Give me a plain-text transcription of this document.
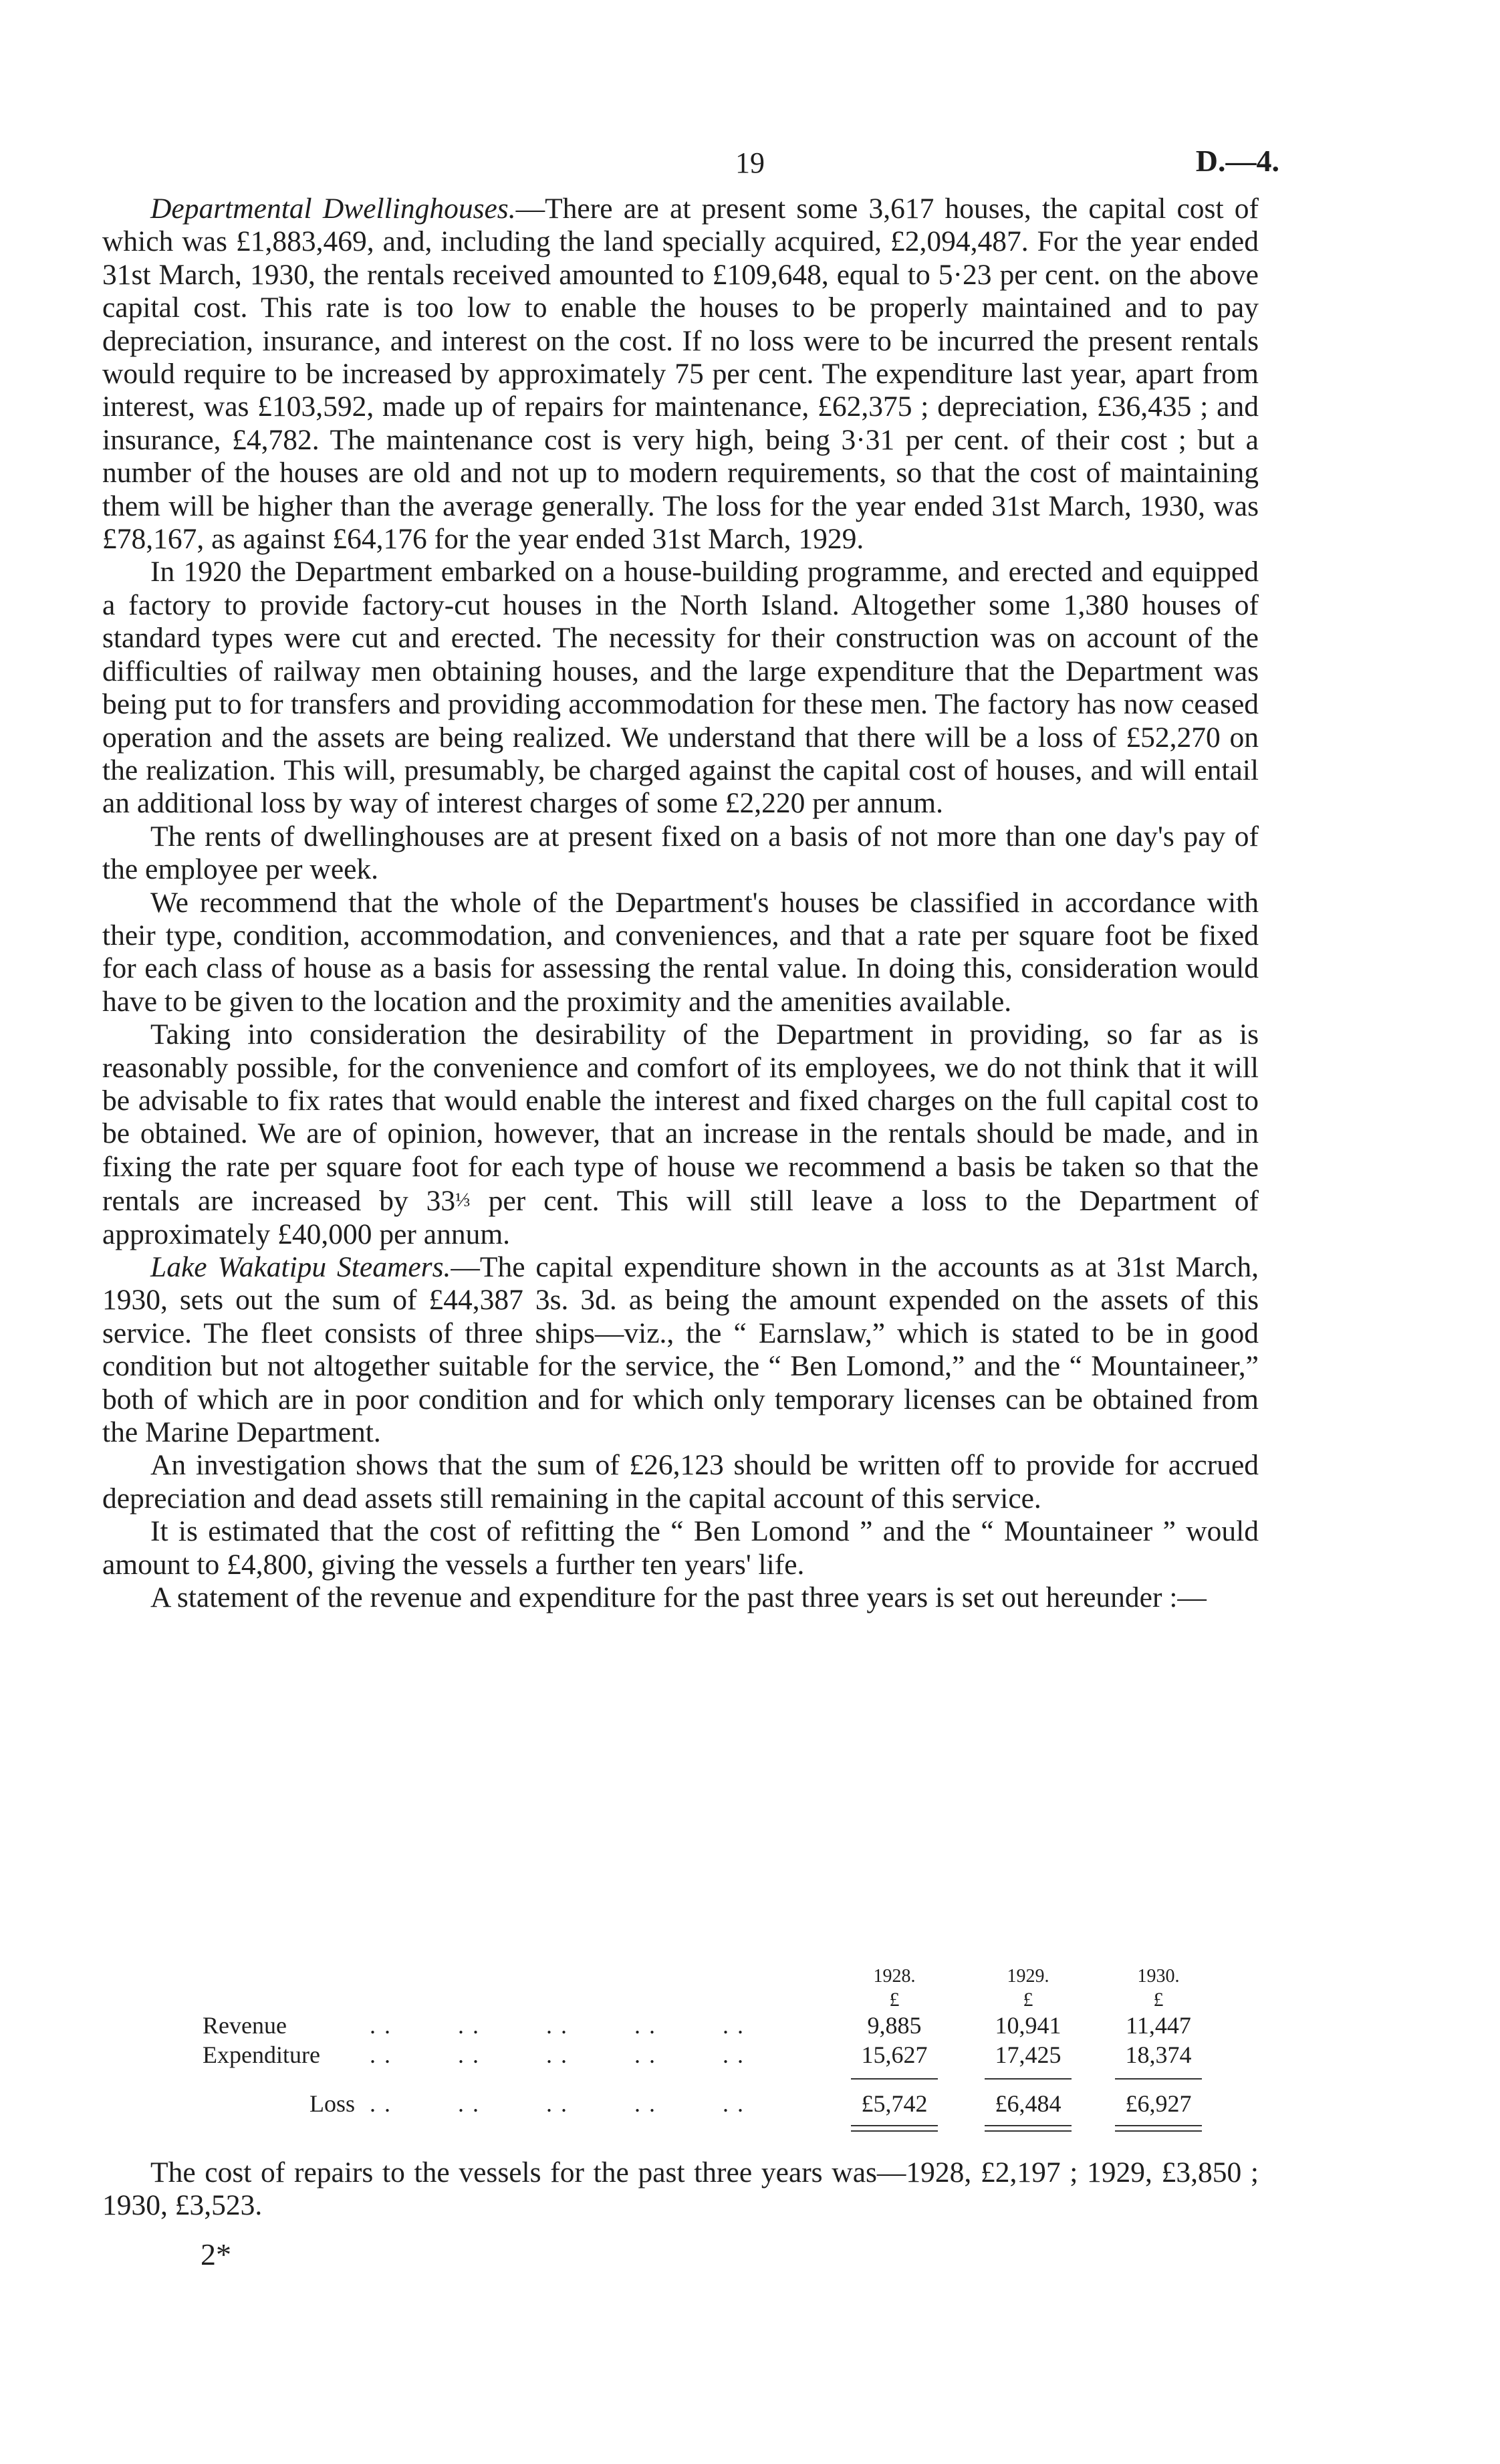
19	D.—4.

Departmental Dwellinghouses.—There are at present some 3,617 houses, the capital cost of which was £1,883,469, and, including the land specially acquired, £2,094,487. For the year ended 31st March, 1930, the rentals received amounted to £109,648, equal to 5·23 per cent. on the above capital cost. This rate is too low to enable the houses to be properly maintained and to pay depreciation, insurance, and interest on the cost. If no loss were to be incurred the present rentals would require to be increased by approximately 75 per cent. The expenditure last year, apart from interest, was £103,592, made up of repairs for maintenance, £62,375 ; depreciation, £36,435 ; and insurance, £4,782. The maintenance cost is very high, being 3·31 per cent. of their cost ; but a number of the houses are old and not up to modern requirements, so that the cost of maintaining them will be higher than the average generally. The loss for the year ended 31st March, 1930, was £78,167, as against £64,176 for the year ended 31st March, 1929.

In 1920 the Department embarked on a house-building programme, and erected and equipped a factory to provide factory-cut houses in the North Island. Altogether some 1,380 houses of standard types were cut and erected. The necessity for their construction was on account of the difficulties of railway men obtaining houses, and the large expenditure that the Department was being put to for transfers and providing accommodation for these men. The factory has now ceased operation and the assets are being realized. We understand that there will be a loss of £52,270 on the realization. This will, presumably, be charged against the capital cost of houses, and will entail an additional loss by way of interest charges of some £2,220 per annum.

The rents of dwellinghouses are at present fixed on a basis of not more than one day's pay of the employee per week.

We recommend that the whole of the Department's houses be classified in accordance with their type, condition, accommodation, and conveniences, and that a rate per square foot be fixed for each class of house as a basis for assessing the rental value. In doing this, consideration would have to be given to the location and the proximity and the amenities available.

Taking into consideration the desirability of the Department in providing, so far as is reasonably possible, for the convenience and comfort of its employees, we do not think that it will be advisable to fix rates that would enable the interest and fixed charges on the full capital cost to be obtained. We are of opinion, however, that an increase in the rentals should be made, and in fixing the rate per square foot for each type of house we recommend a basis be taken so that the rentals are increased by 33⅓ per cent. This will still leave a loss to the Department of approximately £40,000 per annum.

Lake Wakatipu Steamers.—The capital expenditure shown in the accounts as at 31st March, 1930, sets out the sum of £44,387 3s. 3d. as being the amount expended on the assets of this service. The fleet consists of three ships—viz., the “ Earnslaw,” which is stated to be in good condition but not altogether suitable for the service, the “ Ben Lomond,” and the “ Mountaineer,” both of which are in poor condition and for which only temporary licenses can be obtained from the Marine Department.

An investigation shows that the sum of £26,123 should be written off to provide for accrued depreciation and dead assets still remaining in the capital account of this service.

It is estimated that the cost of refitting the “ Ben Lomond ” and the “ Mountaineer ” would amount to £4,800, giving the vessels a further ten years' life.

A statement of the revenue and expenditure for the past three years is set out hereunder :—

1928.	1929.	1930.
£	£	£
Revenue	. .         . .         . .         . .         . .	9,885	10,941	11,447
Expenditure . .         . .         . .         . .         . .	15,627	17,425	18,374
Loss . .         . .         . .         . .         . .	£5,742	£6,484	£6,927

The cost of repairs to the vessels for the past three years was—1928, £2,197 ; 1929, £3,850 ; 1930, £3,523.

2*
